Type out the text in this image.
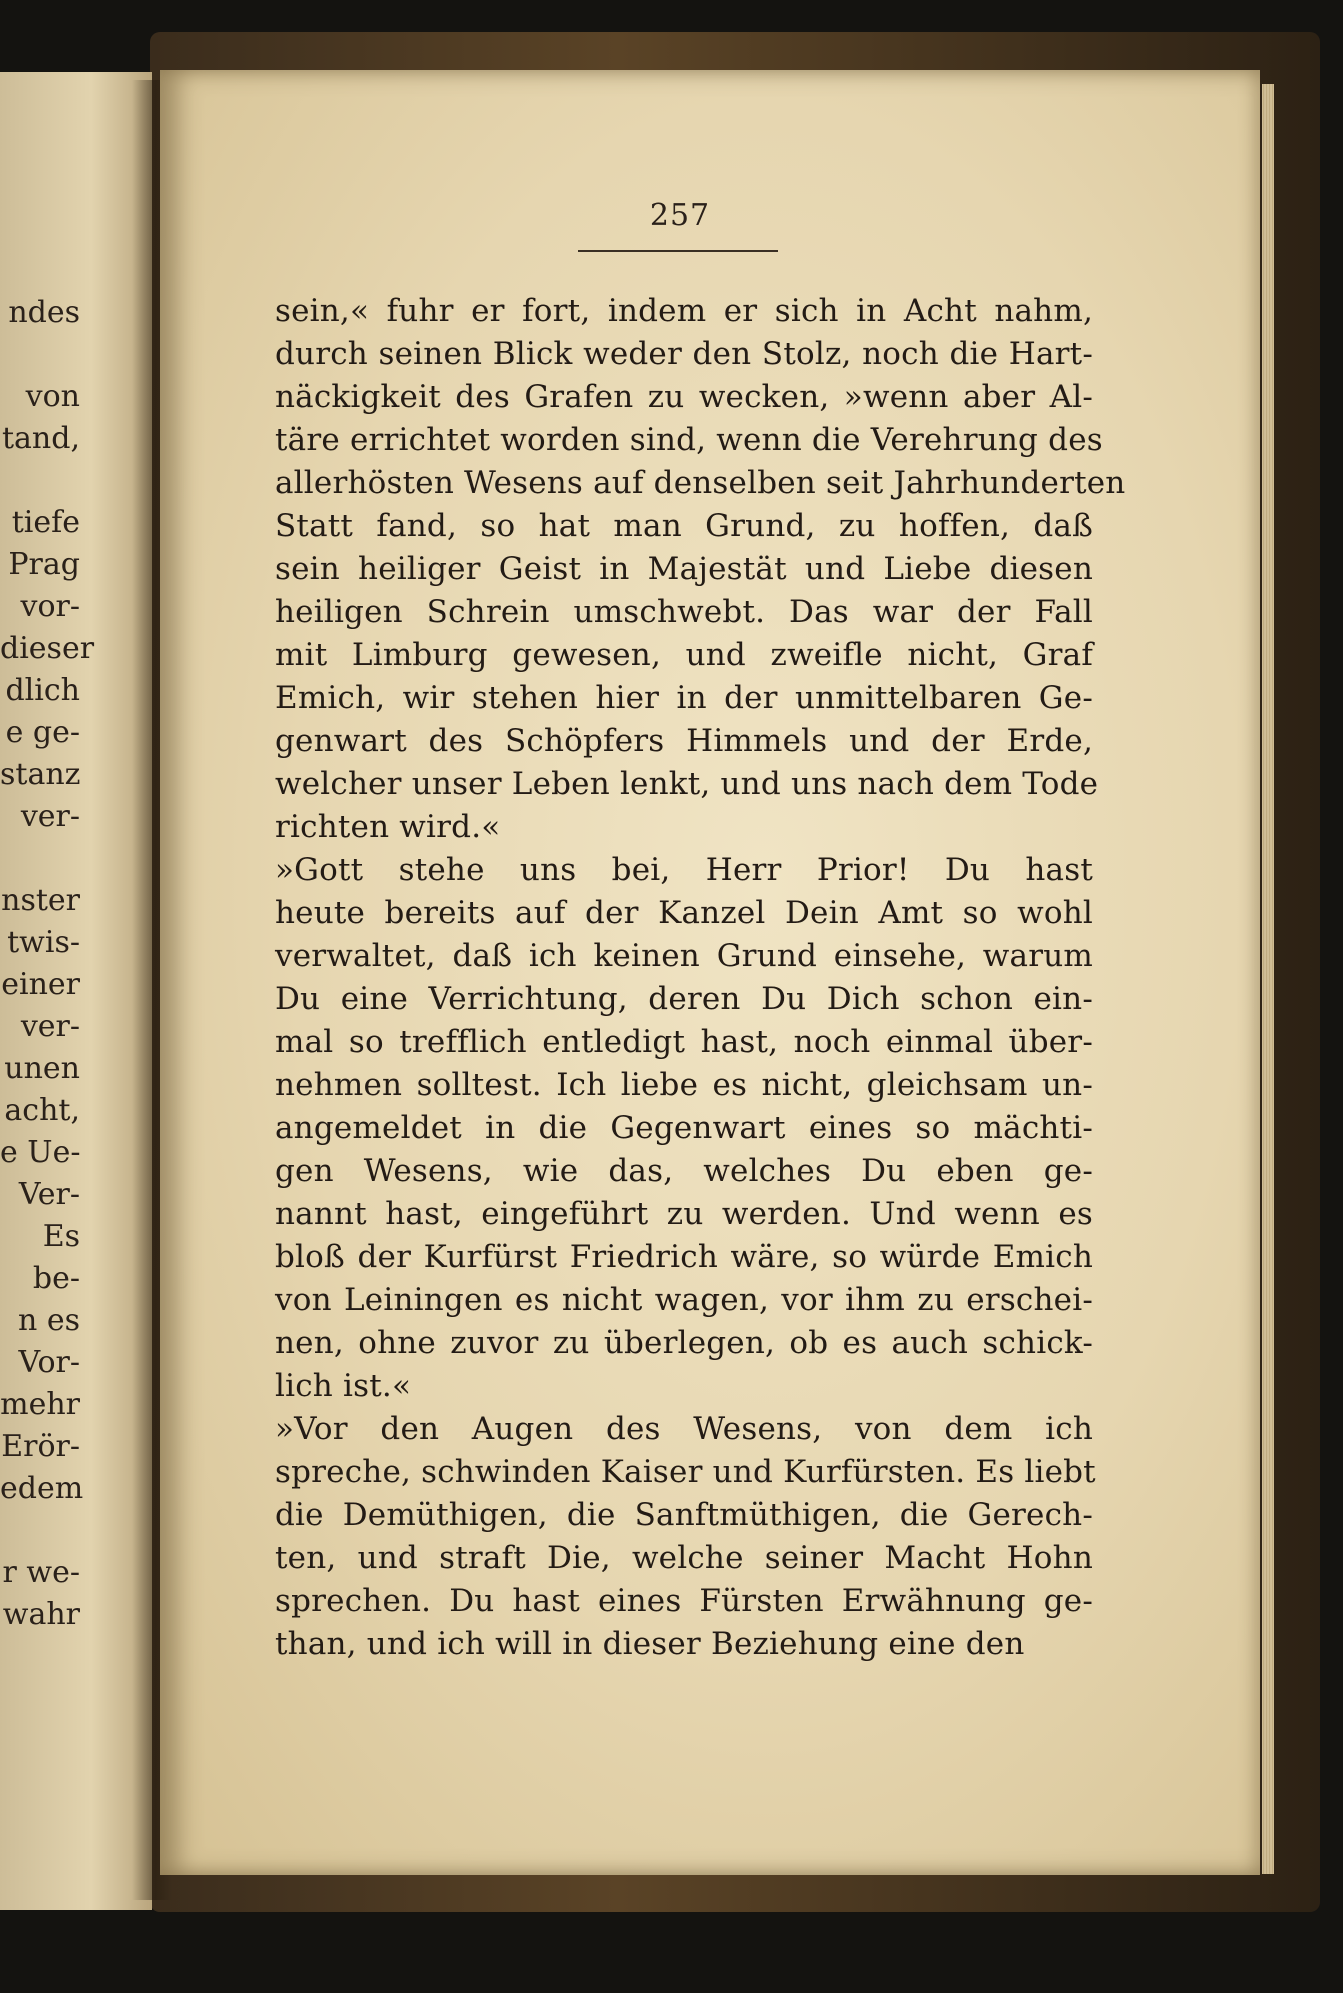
ndes
von
tand,
tiefe
Prag
vor-
dieser
dlich
e ge-
stanz
ver-
nster
twis-
einer
ver-
unen
acht,
e Ue-
Ver-
Es
be-
n es
Vor-
mehr
Erör-
edem
r we-
wahr
257
sein,« fuhr er fort, indem er sich in Acht nahm,
durch seinen Blick weder den Stolz, noch die Hart-
näckigkeit des Grafen zu wecken, »wenn aber Al-
täre errichtet worden sind, wenn die Verehrung des
allerhösten Wesens auf denselben seit Jahrhunderten
Statt fand, so hat man Grund, zu hoffen, daß
sein heiliger Geist in Majestät und Liebe diesen
heiligen Schrein umschwebt. Das war der Fall
mit Limburg gewesen, und zweifle nicht, Graf
Emich, wir stehen hier in der unmittelbaren Ge-
genwart des Schöpfers Himmels und der Erde,
welcher unser Leben lenkt, und uns nach dem Tode
richten wird.«
»Gott stehe uns bei, Herr Prior! Du hast
heute bereits auf der Kanzel Dein Amt so wohl
verwaltet, daß ich keinen Grund einsehe, warum
Du eine Verrichtung, deren Du Dich schon ein-
mal so trefflich entledigt hast, noch einmal über-
nehmen solltest. Ich liebe es nicht, gleichsam un-
angemeldet in die Gegenwart eines so mächti-
gen Wesens, wie das, welches Du eben ge-
nannt hast, eingeführt zu werden. Und wenn es
bloß der Kurfürst Friedrich wäre, so würde Emich
von Leiningen es nicht wagen, vor ihm zu erschei-
nen, ohne zuvor zu überlegen, ob es auch schick-
lich ist.«
»Vor den Augen des Wesens, von dem ich
spreche, schwinden Kaiser und Kurfürsten. Es liebt
die Demüthigen, die Sanftmüthigen, die Gerech-
ten, und straft Die, welche seiner Macht Hohn
sprechen. Du hast eines Fürsten Erwähnung ge-
than, und ich will in dieser Beziehung eine den
